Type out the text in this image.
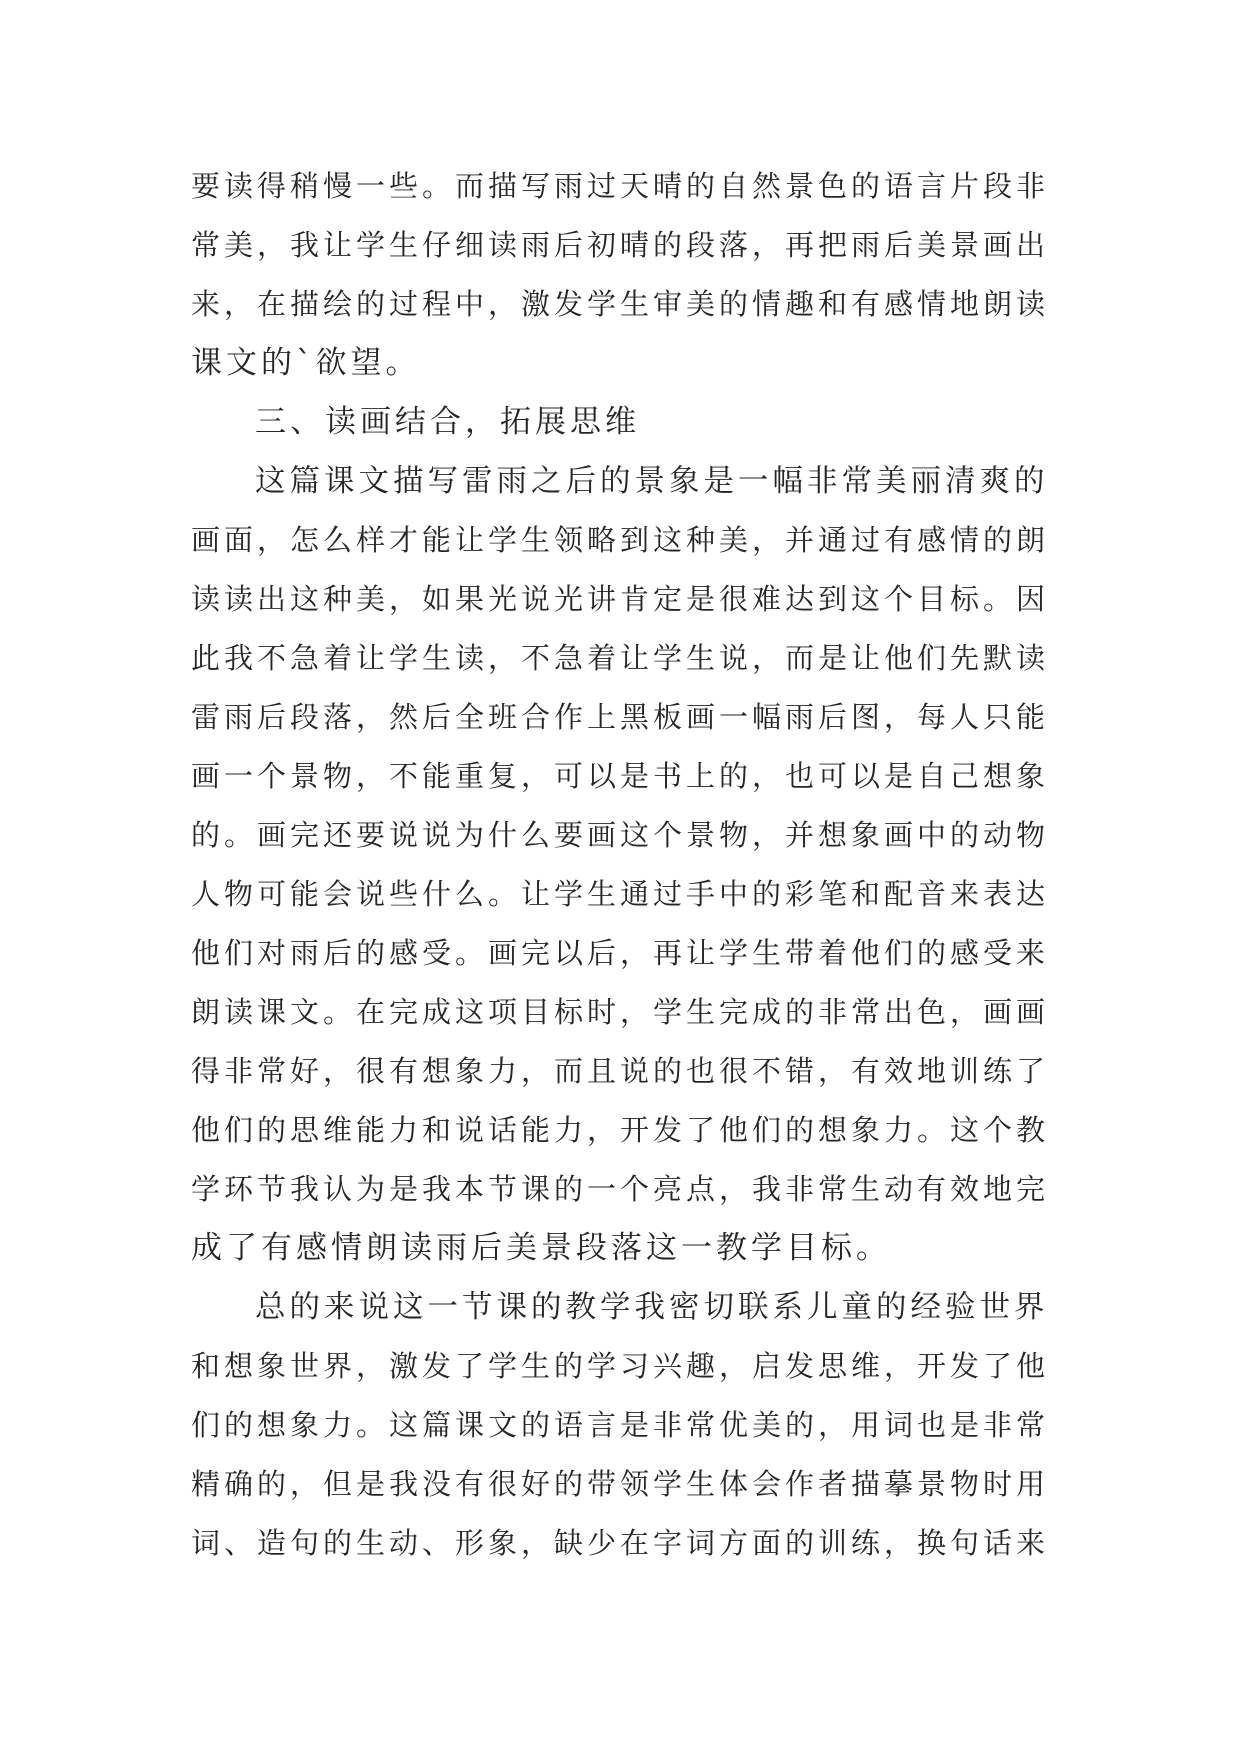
要读得稍慢一些。而描写雨过天晴的自然景色的语言片段非
常美，我让学生仔细读雨后初晴的段落，再把雨后美景画出
来，在描绘的过程中，激发学生审美的情趣和有感情地朗读
课文的`欲望。
三、读画结合，拓展思维
这篇课文描写雷雨之后的景象是一幅非常美丽清爽的
画面，怎么样才能让学生领略到这种美，并通过有感情的朗
读读出这种美，如果光说光讲肯定是很难达到这个目标。因
此我不急着让学生读，不急着让学生说，而是让他们先默读
雷雨后段落，然后全班合作上黑板画一幅雨后图，每人只能
画一个景物，不能重复，可以是书上的，也可以是自己想象
的。画完还要说说为什么要画这个景物，并想象画中的动物
人物可能会说些什么。让学生通过手中的彩笔和配音来表达
他们对雨后的感受。画完以后，再让学生带着他们的感受来
朗读课文。在完成这项目标时，学生完成的非常出色，画画
得非常好，很有想象力，而且说的也很不错，有效地训练了
他们的思维能力和说话能力，开发了他们的想象力。这个教
学环节我认为是我本节课的一个亮点，我非常生动有效地完
成了有感情朗读雨后美景段落这一教学目标。
总的来说这一节课的教学我密切联系儿童的经验世界
和想象世界，激发了学生的学习兴趣，启发思维，开发了他
们的想象力。这篇课文的语言是非常优美的，用词也是非常
精确的，但是我没有很好的带领学生体会作者描摹景物时用
词、造句的生动、形象，缺少在字词方面的训练，换句话来
